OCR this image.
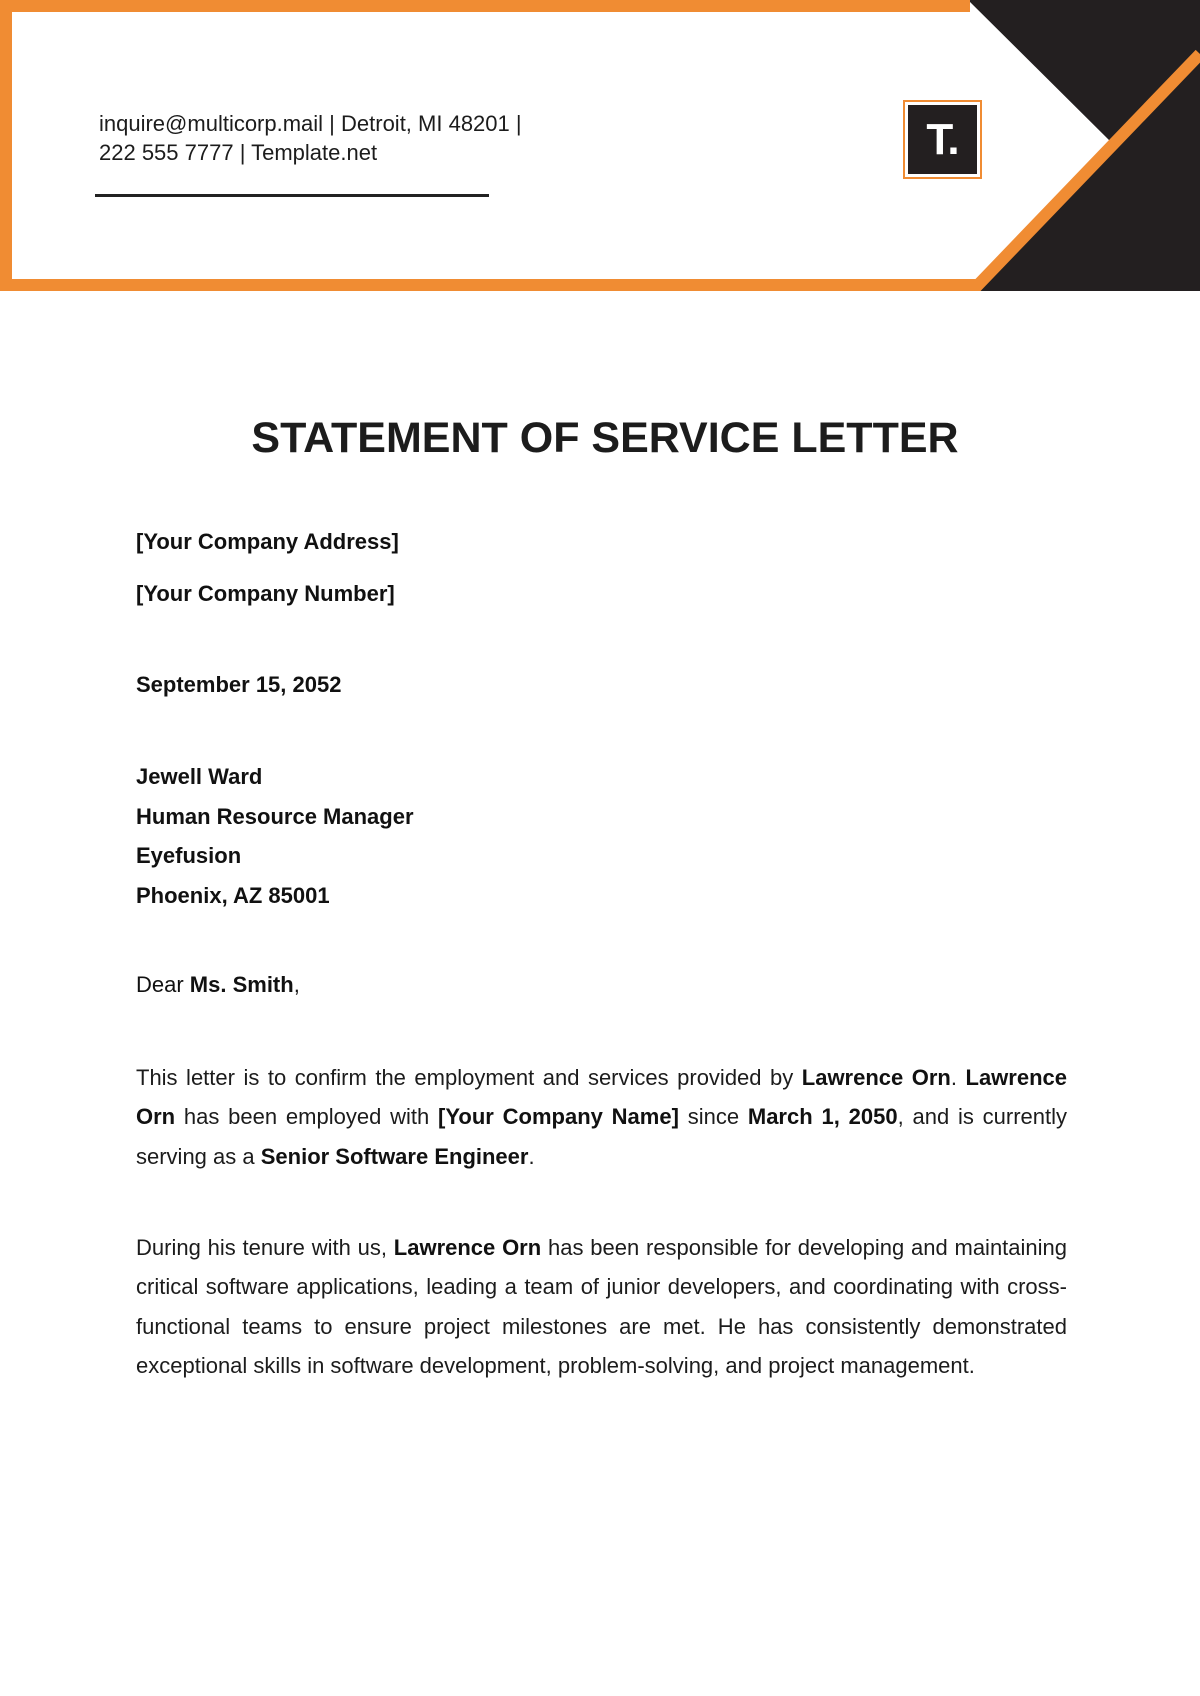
inquire@multicorp.mail | Detroit, MI 48201 |
222 555 7777 | Template.net	T.
STATEMENT OF SERVICE LETTER
[Your Company Address]
[Your Company Number]
September 15, 2052
Jewell Ward
Human Resource Manager
Eyefusion
Phoenix, AZ 85001
Dear Ms. Smith,

This letter is to confirm the employment and services provided by Lawrence Orn. Lawrence Orn has been employed with [Your Company Name] since March 1, 2050, and is currently serving as a Senior Software Engineer.

During his tenure with us, Lawrence Orn has been responsible for developing and maintaining critical software applications, leading a team of junior developers, and coordinating with cross-functional teams to ensure project milestones are met. He has consistently demonstrated exceptional skills in software development, problem-solving, and project management.
